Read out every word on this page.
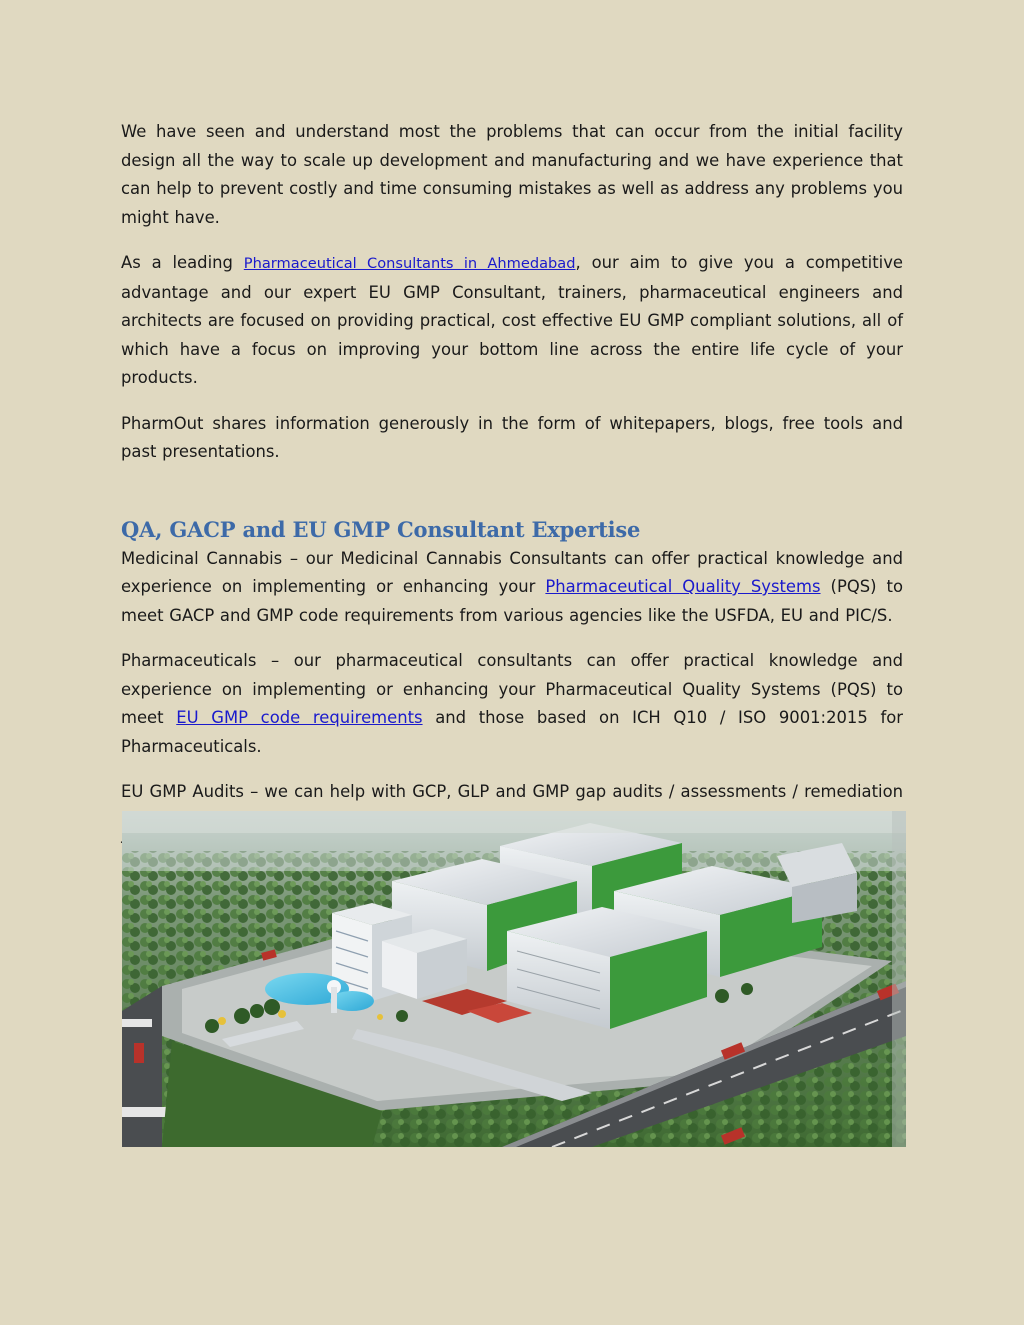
We have seen and understand most the problems that can occur from the initial facility design all the way to scale up development and manufacturing and we have experience that can help to prevent costly and time consuming mistakes as well as address any problems you might have.

As a leading Pharmaceutical Consultants in Ahmedabad, our aim to give you a competitive advantage and our expert EU GMP Consultant, trainers, pharmaceutical engineers and architects are focused on providing practical, cost effective EU GMP compliant solutions, all of which have a focus on improving your bottom line across the entire life cycle of your products.

PharmOut shares information generously in the form of whitepapers, blogs, free tools and past presentations.

QA, GACP and EU GMP Consultant Expertise

Medicinal Cannabis – our Medicinal Cannabis Consultants can offer practical knowledge and experience on implementing or enhancing your Pharmaceutical Quality Systems (PQS) to meet GACP and GMP code requirements from various agencies like the USFDA, EU and PIC/S.

Pharmaceuticals – our pharmaceutical consultants can offer practical knowledge and experience on implementing or enhancing your Pharmaceutical Quality Systems (PQS) to meet EU GMP code requirements and those based on ICH Q10 / ISO 9001:2015 for Pharmaceuticals.

EU GMP Audits – we can help with GCP, GLP and GMP gap audits / assessments / remediation
